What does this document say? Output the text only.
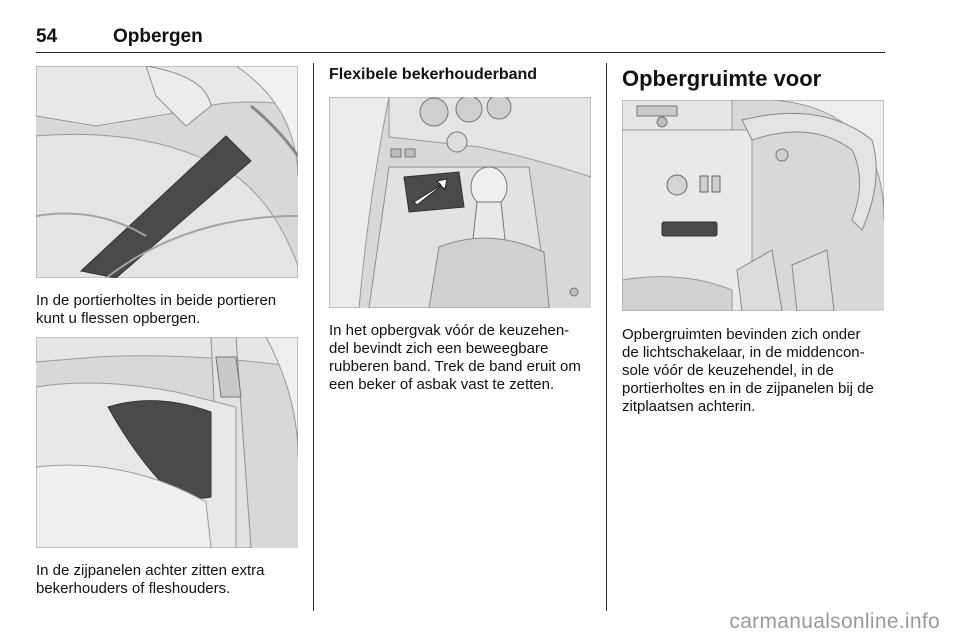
54	Opbergen
In de portierholtes in beide portieren
kunt u flessen opbergen.
In de zijpanelen achter zitten extra
bekerhouders of fleshouders.
Flexibele bekerhouderband
In het opbergvak vóór de keuzehen-
del bevindt zich een beweegbare
rubberen band. Trek de band eruit om
een beker of asbak vast te zetten.
Opbergruimte voor
Opbergruimten bevinden zich onder
de lichtschakelaar, in de middencon-
sole vóór de keuzehendel, in de
portierholtes en in de zijpanelen bij de
zitplaatsen achterin.
carmanualsonline.info
